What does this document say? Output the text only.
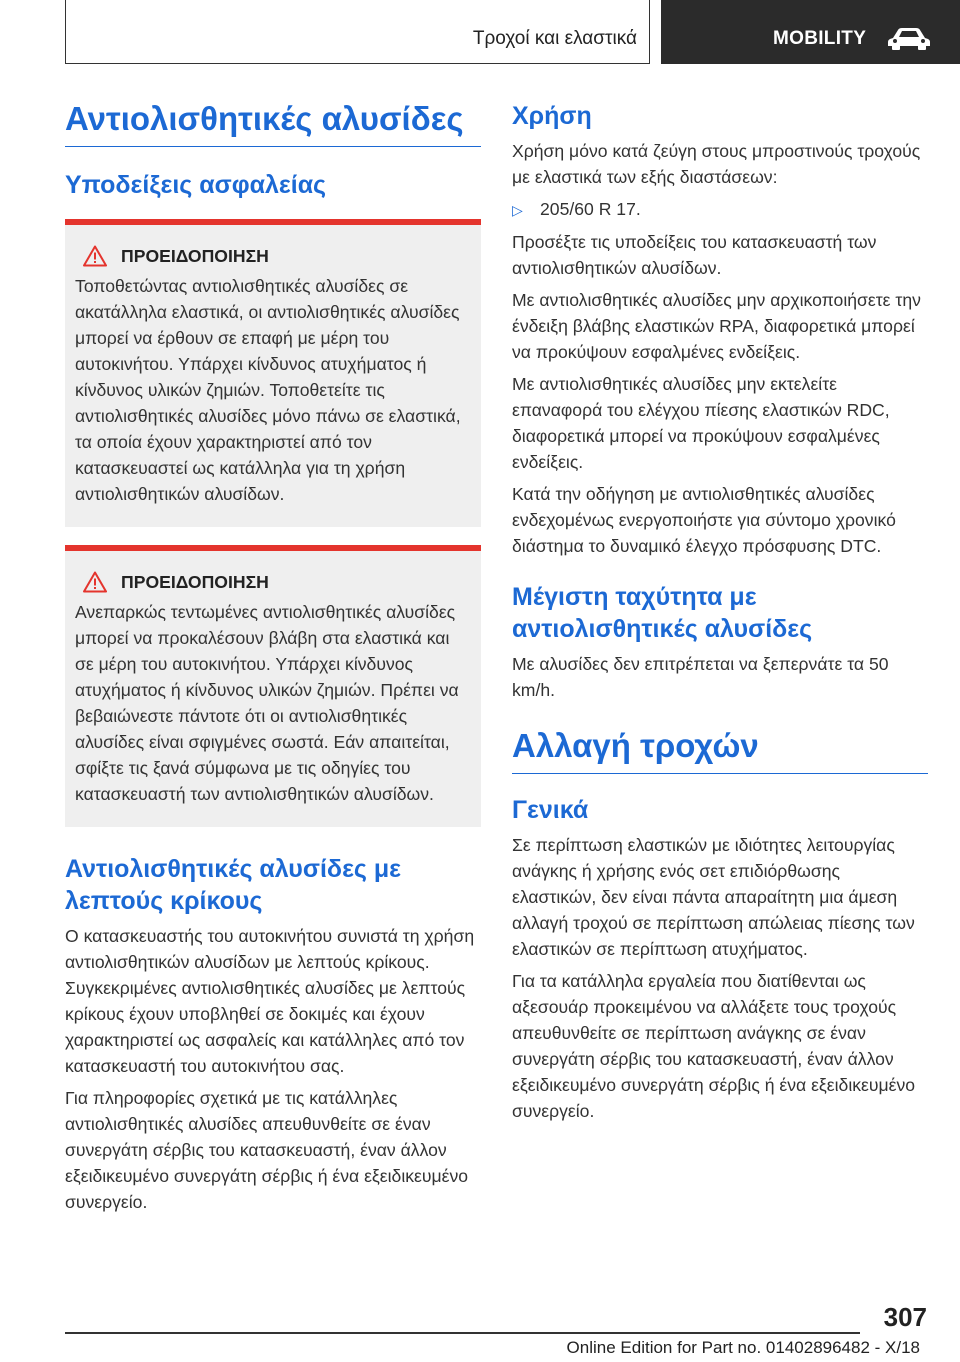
Τροχοί και ελαστικά	MOBILITY
Αντιολισθητικές αλυσίδες
Υποδείξεις ασφαλείας
ΠΡΟΕΙΔΟΠΟΙΗΣΗ

Τοποθετώντας αντιολισθητικές αλυσίδες σε ακατάλληλα ελαστικά, οι αντιολισθητικές αλυσίδες μπορεί να έρθουν σε επαφή με μέρη του αυτοκινήτου. Υπάρχει κίνδυνος ατυχήματος ή κίνδυνος υλικών ζημιών. Τοποθετείτε τις αντιολισθητικές αλυσίδες μόνο πάνω σε ελαστικά, τα οποία έχουν χαρακτηριστεί από τον κατασκευαστεί ως κατάλληλα για τη χρήση αντιολισθητικών αλυσίδων.

ΠΡΟΕΙΔΟΠΟΙΗΣΗ

Ανεπαρκώς τεντωμένες αντιολισθητικές αλυσίδες μπορεί να προκαλέσουν βλάβη στα ελαστικά και σε μέρη του αυτοκινήτου. Υπάρχει κίνδυνος ατυχήματος ή κίνδυνος υλικών ζημιών. Πρέπει να βεβαιώνεστε πάντοτε ότι οι αντιολισθητικές αλυσίδες είναι σφιγμένες σωστά. Εάν απαιτείται, σφίξτε τις ξανά σύμφωνα με τις οδηγίες του κατασκευαστή των αντιολισθητικών αλυσίδων.

Αντιολισθητικές αλυσίδες με λεπτούς κρίκους

Ο κατασκευαστής του αυτοκινήτου συνιστά τη χρήση αντιολισθητικών αλυσίδων με λεπτούς κρίκους. Συγκεκριμένες αντιολισθητικές αλυσίδες με λεπτούς κρίκους έχουν υποβληθεί σε δοκιμές και έχουν χαρακτηριστεί ως ασφαλείς και κατάλληλες από τον κατασκευαστή του αυτοκινήτου σας.

Για πληροφορίες σχετικά με τις κατάλληλες αντιολισθητικές αλυσίδες απευθυνθείτε σε έναν συνεργάτη σέρβις του κατασκευαστή, έναν άλλον εξειδικευμένο συνεργάτη σέρβις ή ένα εξειδικευμένο συνεργείο.

Χρήση

Χρήση μόνο κατά ζεύγη στους μπροστινούς τροχούς με ελαστικά των εξής διαστάσεων:

▷ 205/60 R 17.

Προσέξτε τις υποδείξεις του κατασκευαστή των αντιολισθητικών αλυσίδων.

Με αντιολισθητικές αλυσίδες μην αρχικοποιήσετε την ένδειξη βλάβης ελαστικών RPA, διαφορετικά μπορεί να προκύψουν εσφαλμένες ενδείξεις.

Με αντιολισθητικές αλυσίδες μην εκτελείτε επαναφορά του ελέγχου πίεσης ελαστικών RDC, διαφορετικά μπορεί να προκύψουν εσφαλμένες ενδείξεις.

Κατά την οδήγηση με αντιολισθητικές αλυσίδες ενδεχομένως ενεργοποιήστε για σύντομο χρονικό διάστημα το δυναμικό έλεγχο πρόσφυσης DTC.

Μέγιστη ταχύτητα με αντιολισθητικές αλυσίδες

Με αλυσίδες δεν επιτρέπεται να ξεπερνάτε τα 50 km/h.

Αλλαγή τροχών
Γενικά

Σε περίπτωση ελαστικών με ιδιότητες λειτουργίας ανάγκης ή χρήσης ενός σετ επιδιόρθωσης ελαστικών, δεν είναι πάντα απαραίτητη μια άμεση αλλαγή τροχού σε περίπτωση απώλειας πίεσης των ελαστικών σε περίπτωση ατυχήματος.

Για τα κατάλληλα εργαλεία που διατίθενται ως αξεσουάρ προκειμένου να αλλάξετε τους τροχούς απευθυνθείτε σε περίπτωση ανάγκης σε έναν συνεργάτη σέρβις του κατασκευαστή, έναν άλλον εξειδικευμένο συνεργάτη σέρβις ή ένα εξειδικευμένο συνεργείο.

307
Online Edition for Part no. 01402896482 - X/18
